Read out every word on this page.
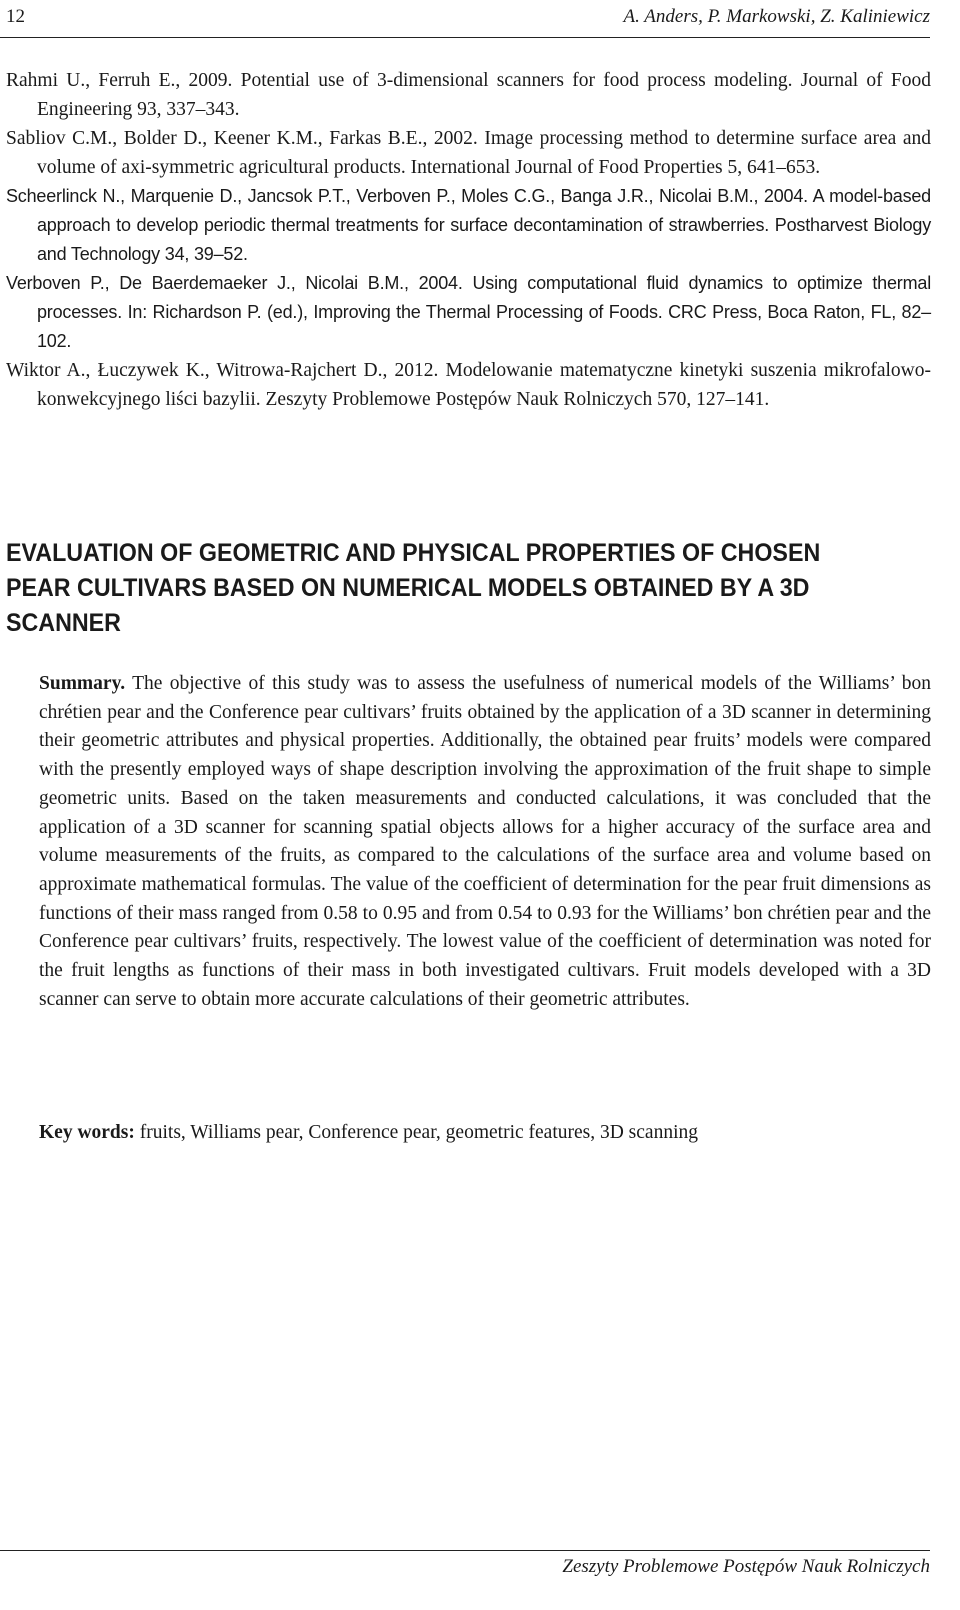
12	A. Anders, P. Markowski, Z. Kaliniewicz
Rahmi U., Ferruh E., 2009. Potential use of 3-dimensional scanners for food process modeling. Journal of Food Engineering 93, 337–343.
Sabliov C.M., Bolder D., Keener K.M., Farkas B.E., 2002. Image processing method to determine surface area and volume of axi-symmetric agricultural products. International Journal of Food Properties 5, 641–653.
Scheerlinck N., Marquenie D., Jancsok P.T., Verboven P., Moles C.G., Banga J.R., Nicolai B.M., 2004. A model-based approach to develop periodic thermal treatments for surface decontamination of strawberries. Postharvest Biology and Technology 34, 39–52.
Verboven P., De Baerdemaeker J., Nicolai B.M., 2004. Using computational fluid dynamics to optimize thermal processes. In: Richardson P. (ed.), Improving the Thermal Processing of Foods. CRC Press, Boca Raton, FL, 82–102.
Wiktor A., Łuczywek K., Witrowa-Rajchert D., 2012. Modelowanie matematyczne kinetyki suszenia mikrofalowo-konwekcyjnego liści bazylii. Zeszyty Problemowe Postępów Nauk Rolniczych 570, 127–141.
EVALUATION OF GEOMETRIC AND PHYSICAL PROPERTIES OF CHOSEN PEAR CULTIVARS BASED ON NUMERICAL MODELS OBTAINED BY A 3D SCANNER
Summary. The objective of this study was to assess the usefulness of numerical models of the Williams’ bon chrétien pear and the Conference pear cultivars’ fruits obtained by the application of a 3D scanner in determining their geometric attributes and physical properties. Additionally, the obtained pear fruits’ models were compared with the presently employed ways of shape description involving the approximation of the fruit shape to simple geometric units. Based on the taken measurements and conducted calculations, it was concluded that the application of a 3D scanner for scanning spatial objects allows for a higher accuracy of the surface area and volume measurements of the fruits, as compared to the calculations of the surface area and volume based on approximate mathematical formulas. The value of the coefficient of determination for the pear fruit dimensions as functions of their mass ranged from 0.58 to 0.95 and from 0.54 to 0.93 for the Williams’ bon chrétien pear and the Conference pear cultivars’ fruits, respectively. The lowest value of the coefficient of determination was noted for the fruit lengths as functions of their mass in both investigated cultivars. Fruit models developed with a 3D scanner can serve to obtain more accurate calculations of their geometric attributes.
Key words: fruits, Williams pear, Conference pear, geometric features, 3D scanning
Zeszyty Problemowe Postępów Nauk Rolniczych
